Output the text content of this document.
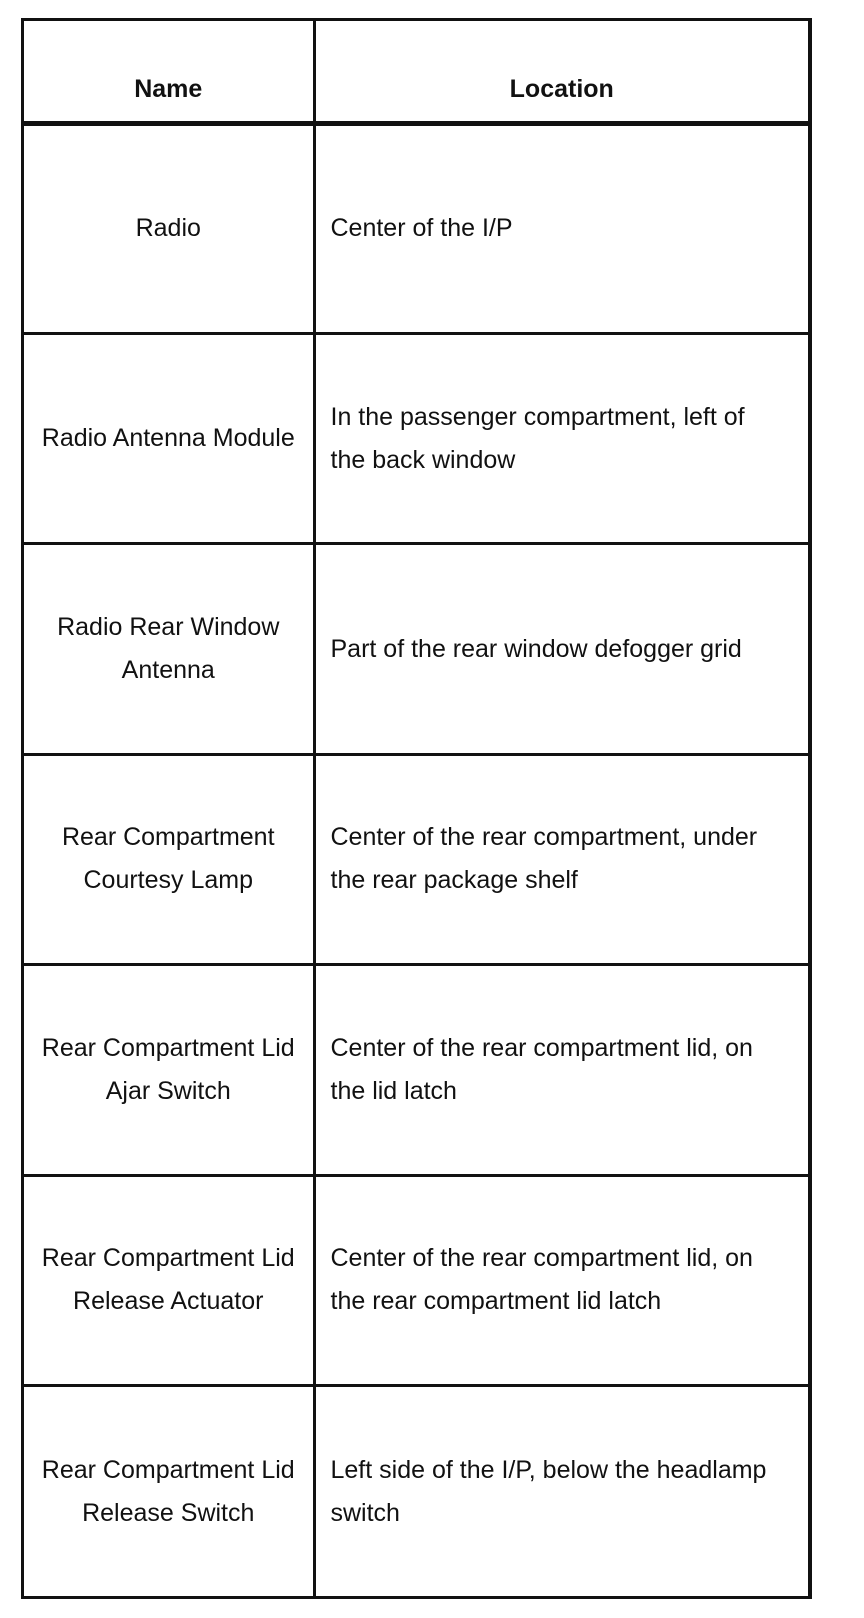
Name	Location

Radio	Center of the I/P

Radio Antenna Module	In the passenger compartment, left of the back window

Radio Rear Window Antenna	Part of the rear window defogger grid

Rear Compartment Courtesy Lamp	Center of the rear compartment, under the rear package shelf

Rear Compartment Lid Ajar Switch	Center of the rear compartment lid, on the lid latch

Rear Compartment Lid Release Actuator	Center of the rear compartment lid, on the rear compartment lid latch

Rear Compartment Lid Release Switch	Left side of the I/P, below the headlamp switch
